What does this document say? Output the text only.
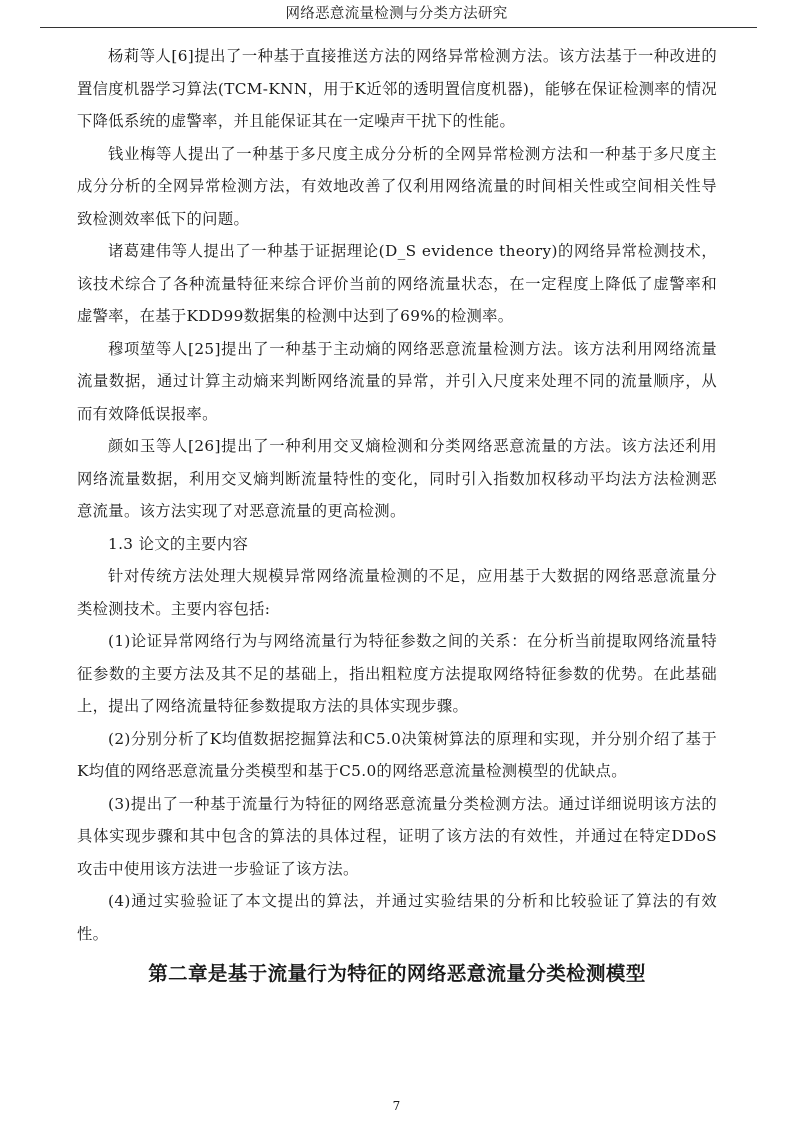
网络恶意流量检测与分类方法研究

杨莉等人[6]提出了一种基于直接推送方法的网络异常检测方法。该方法基于一种改进的置信度机器学习算法(TCM-KNN，用于K近邻的透明置信度机器)，能够在保证检测率的情况下降低系统的虚警率，并且能保证其在一定噪声干扰下的性能。

钱业梅等人提出了一种基于多尺度主成分分析的全网异常检测方法和一种基于多尺度主成分分析的全网异常检测方法，有效地改善了仅利用网络流量的时间相关性或空间相关性导致检测效率低下的问题。

诸葛建伟等人提出了一种基于证据理论(D_S evidence theory)的网络异常检测技术，该技术综合了各种流量特征来综合评价当前的网络流量状态，在一定程度上降低了虚警率和虚警率，在基于KDD99数据集的检测中达到了69%的检测率。

穆项堃等人[25]提出了一种基于主动熵的网络恶意流量检测方法。该方法利用网络流量流量数据，通过计算主动熵来判断网络流量的异常，并引入尺度来处理不同的流量顺序，从而有效降低误报率。

颜如玉等人[26]提出了一种利用交叉熵检测和分类网络恶意流量的方法。该方法还利用网络流量数据，利用交叉熵判断流量特性的变化，同时引入指数加权移动平均法方法检测恶意流量。该方法实现了对恶意流量的更高检测。

1.3 论文的主要内容

针对传统方法处理大规模异常网络流量检测的不足，应用基于大数据的网络恶意流量分类检测技术。主要内容包括:

(1)论证异常网络行为与网络流量行为特征参数之间的关系：在分析当前提取网络流量特征参数的主要方法及其不足的基础上，指出粗粒度方法提取网络特征参数的优势。在此基础上，提出了网络流量特征参数提取方法的具体实现步骤。

(2)分别分析了K均值数据挖掘算法和C5.0决策树算法的原理和实现，并分别介绍了基于K均值的网络恶意流量分类模型和基于C5.0的网络恶意流量检测模型的优缺点。

(3)提出了一种基于流量行为特征的网络恶意流量分类检测方法。通过详细说明该方法的具体实现步骤和其中包含的算法的具体过程，证明了该方法的有效性，并通过在特定DDoS攻击中使用该方法进一步验证了该方法。

(4)通过实验验证了本文提出的算法，并通过实验结果的分析和比较验证了算法的有效性。

第二章是基于流量行为特征的网络恶意流量分类检测模型
7
